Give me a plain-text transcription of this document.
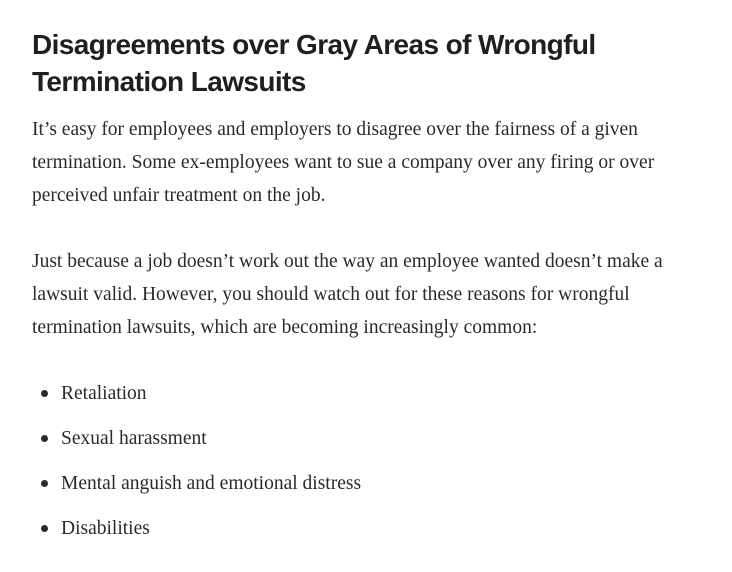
Disagreements over Gray Areas of Wrongful Termination Lawsuits

It’s easy for employees and employers to disagree over the fairness of a given termination. Some ex-employees want to sue a company over any firing or over perceived unfair treatment on the job.

Just because a job doesn’t work out the way an employee wanted doesn’t make a lawsuit valid. However, you should watch out for these reasons for wrongful termination lawsuits, which are becoming increasingly common:

Retaliation
Sexual harassment
Mental anguish and emotional distress
Disabilities
